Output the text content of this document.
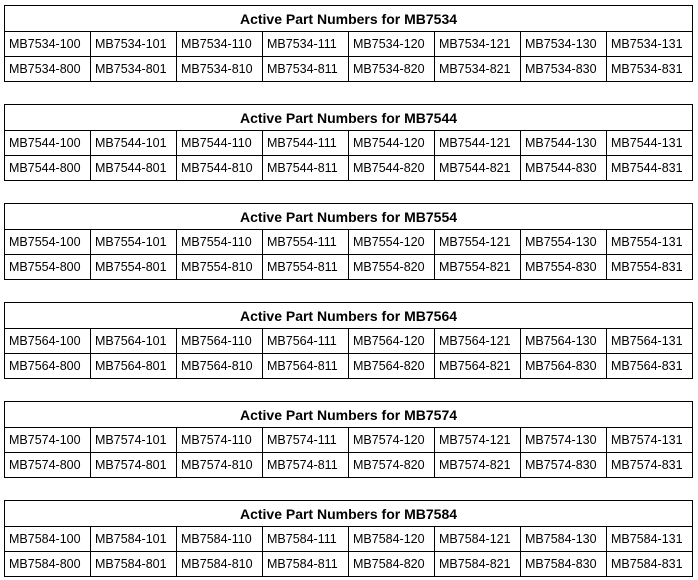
Active Part Numbers for MB7534							
MB7534-100	MB7534-101	MB7534-110	MB7534-111	MB7534-120	MB7534-121	MB7534-130	MB7534-131
MB7534-800	MB7534-801	MB7534-810	MB7534-811	MB7534-820	MB7534-821	MB7534-830	MB7534-831
Active Part Numbers for MB7544							
MB7544-100	MB7544-101	MB7544-110	MB7544-111	MB7544-120	MB7544-121	MB7544-130	MB7544-131
MB7544-800	MB7544-801	MB7544-810	MB7544-811	MB7544-820	MB7544-821	MB7544-830	MB7544-831
Active Part Numbers for MB7554							
MB7554-100	MB7554-101	MB7554-110	MB7554-111	MB7554-120	MB7554-121	MB7554-130	MB7554-131
MB7554-800	MB7554-801	MB7554-810	MB7554-811	MB7554-820	MB7554-821	MB7554-830	MB7554-831
Active Part Numbers for MB7564							
MB7564-100	MB7564-101	MB7564-110	MB7564-111	MB7564-120	MB7564-121	MB7564-130	MB7564-131
MB7564-800	MB7564-801	MB7564-810	MB7564-811	MB7564-820	MB7564-821	MB7564-830	MB7564-831
Active Part Numbers for MB7574							
MB7574-100	MB7574-101	MB7574-110	MB7574-111	MB7574-120	MB7574-121	MB7574-130	MB7574-131
MB7574-800	MB7574-801	MB7574-810	MB7574-811	MB7574-820	MB7574-821	MB7574-830	MB7574-831
Active Part Numbers for MB7584							
MB7584-100	MB7584-101	MB7584-110	MB7584-111	MB7584-120	MB7584-121	MB7584-130	MB7584-131
MB7584-800	MB7584-801	MB7584-810	MB7584-811	MB7584-820	MB7584-821	MB7584-830	MB7584-831
